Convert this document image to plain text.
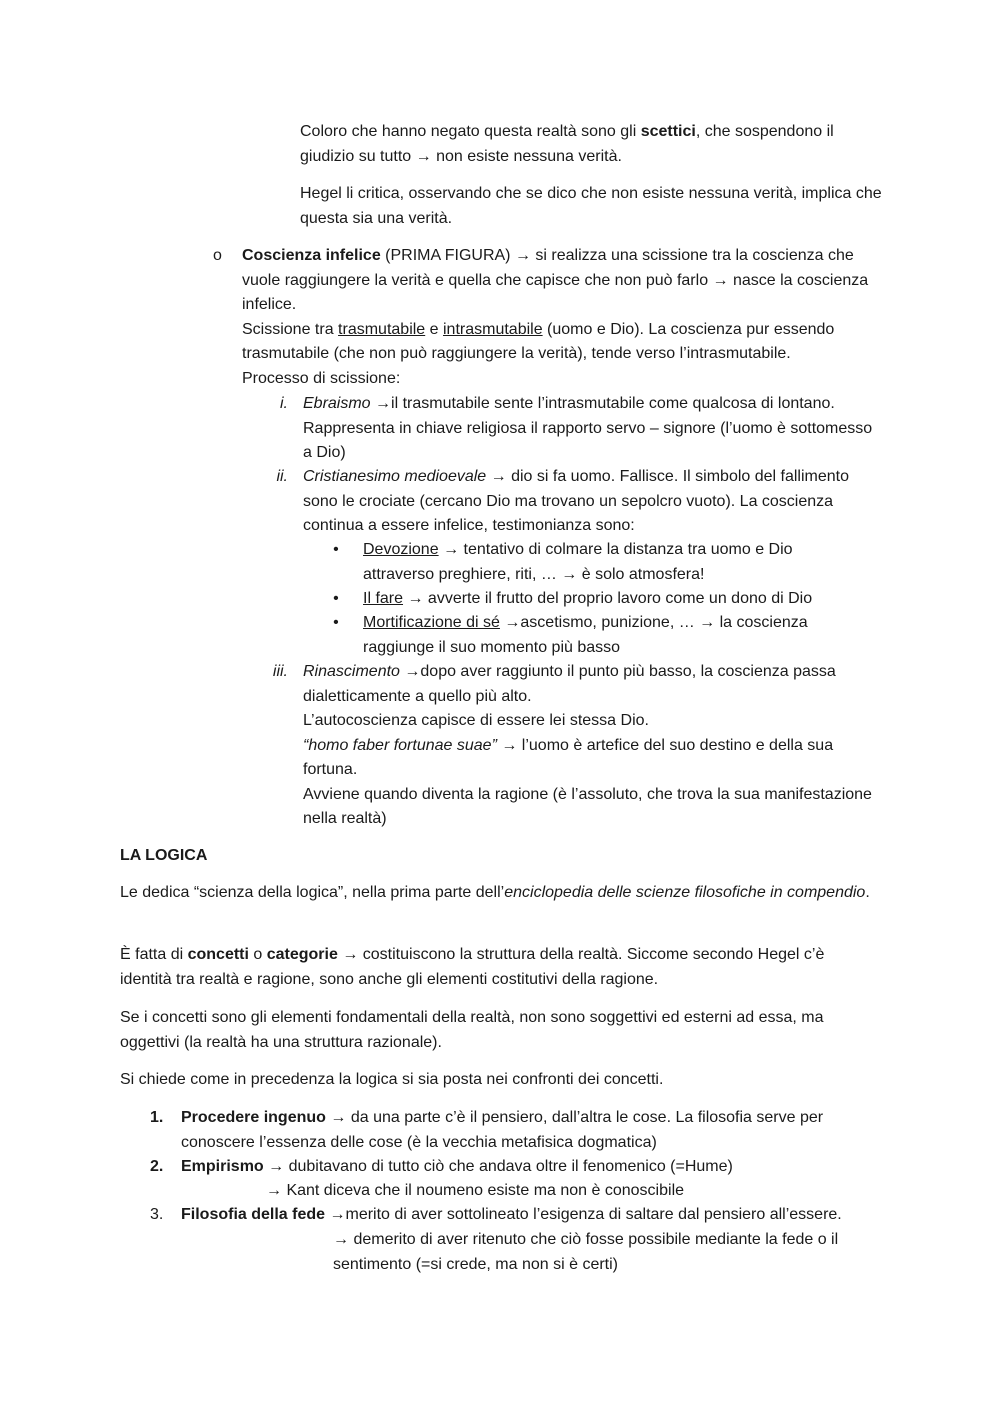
Coloro che hanno negato questa realtà sono gli scettici, che sospendono il giudizio su tutto → non esiste nessuna verità.

Hegel li critica, osservando che se dico che non esiste nessuna verità, implica che questa sia una verità.

o Coscienza infelice (PRIMA FIGURA) → si realizza una scissione tra la coscienza che vuole raggiungere la verità e quella che capisce che non può farlo → nasce la coscienza infelice.
Scissione tra trasmutabile e intrasmutabile (uomo e Dio). La coscienza pur essendo trasmutabile (che non può raggiungere la verità), tende verso l’intrasmutabile.
Processo di scissione:

i. Ebraismo →il trasmutabile sente l’intrasmutabile come qualcosa di lontano. Rappresenta in chiave religiosa il rapporto servo – signore (l’uomo è sottomesso a Dio)

ii. Cristianesimo medioevale → dio si fa uomo. Fallisce. Il simbolo del fallimento sono le crociate (cercano Dio ma trovano un sepolcro vuoto). La coscienza continua a essere infelice, testimonianza sono:

• Devozione → tentativo di colmare la distanza tra uomo e Dio attraverso preghiere, riti, … → è solo atmosfera!

• Il fare → avverte il frutto del proprio lavoro come un dono di Dio

• Mortificazione di sé →ascetismo, punizione, … → la coscienza raggiunge il suo momento più basso

iii. Rinascimento →dopo aver raggiunto il punto più basso, la coscienza passa dialetticamente a quello più alto.
L’autocoscienza capisce di essere lei stessa Dio.
“homo faber fortunae suae” → l’uomo è artefice del suo destino e della sua fortuna.
Avviene quando diventa la ragione (è l’assoluto, che trova la sua manifestazione nella realtà)

LA LOGICA

Le dedica “scienza della logica”, nella prima parte dell’enciclopedia delle scienze filosofiche in compendio.

È fatta di concetti o categorie → costituiscono la struttura della realtà. Siccome secondo Hegel c’è identità tra realtà e ragione, sono anche gli elementi costitutivi della ragione.

Se i concetti sono gli elementi fondamentali della realtà, non sono soggettivi ed esterni ad essa, ma oggettivi (la realtà ha una struttura razionale).

Si chiede come in precedenza la logica si sia posta nei confronti dei concetti.

1. Procedere ingenuo → da una parte c’è il pensiero, dall’altra le cose. La filosofia serve per conoscere l’essenza delle cose (è la vecchia metafisica dogmatica)

2. Empirismo → dubitavano di tutto ciò che andava oltre il fenomenico (=Hume)

→ Kant diceva che il noumeno esiste ma non è conoscibile

3. Filosofia della fede →merito di aver sottolineato l’esigenza di saltare dal pensiero all’essere.

→ demerito di aver ritenuto che ciò fosse possibile mediante la fede o il sentimento (=si crede, ma non si è certi)
